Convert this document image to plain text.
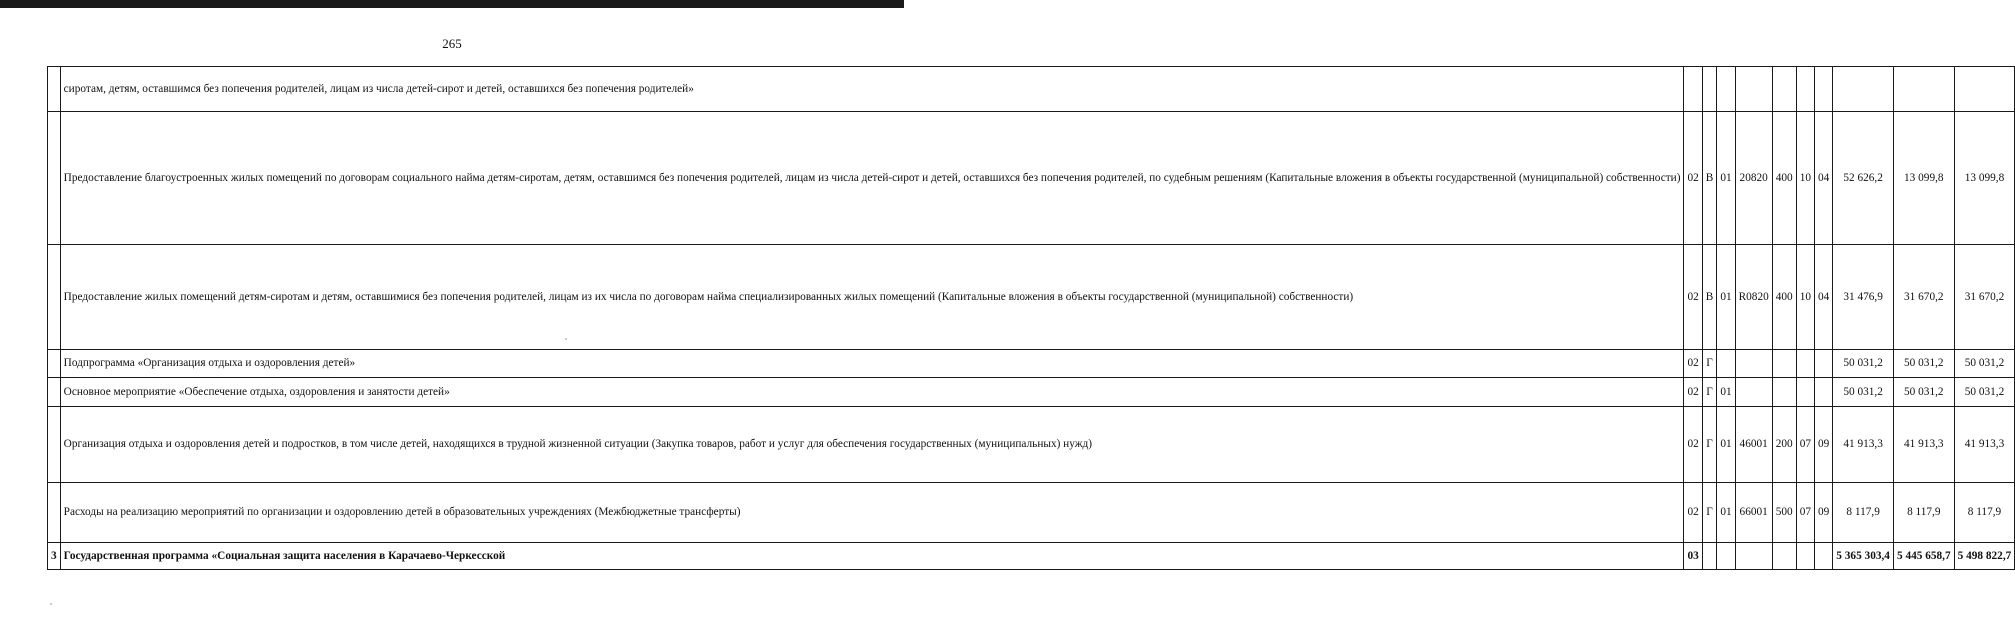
265
	сиротам, детям, оставшимся без попечения родителей, лицам из числа детей-сирот и детей, оставшихся без попечения родителей»										
	Предоставление благоустроенных жилых помещений по договорам социального найма детям-сиротам, детям, оставшимся без попечения родителей, лицам из числа детей-сирот и детей, оставшихся без попечения родителей, по судебным решениям (Капитальные вложения в объекты государственной (муниципальной) собственности)	02	В	01	20820	400	10	04	52 626,2	13 099,8	13 099,8
	Предоставление жилых помещений детям-сиротам и детям, оставшимися без попечения родителей, лицам из их числа по договорам найма специализированных жилых помещений (Капитальные вложения в объекты государственной (муниципальной) собственности)	02	В	01	R0820	400	10	04	31 476,9	31 670,2	31 670,2
	Подпрограмма «Организация отдыха и оздоровления детей»	02	Г						50 031,2	50 031,2	50 031,2
	Основное мероприятие «Обеспечение отдыха, оздоровления и занятости детей»	02	Г	01					50 031,2	50 031,2	50 031,2
	Организация отдыха и оздоровления детей и подростков, в том числе детей, находящихся в трудной жизненной ситуации (Закупка товаров, работ и услуг для обеспечения государственных (муниципальных) нужд)	02	Г	01	46001	200	07	09	41 913,3	41 913,3	41 913,3
	Расходы на реализацию мероприятий по организации и оздоровлению детей в образовательных учреждениях (Межбюджетные трансферты)	02	Г	01	66001	500	07	09	8 117,9	8 117,9	8 117,9
3	Государственная программа «Социальная защита населения в Карачаево-Черкесской	03							5 365 303,4	5 445 658,7	5 498 822,7
